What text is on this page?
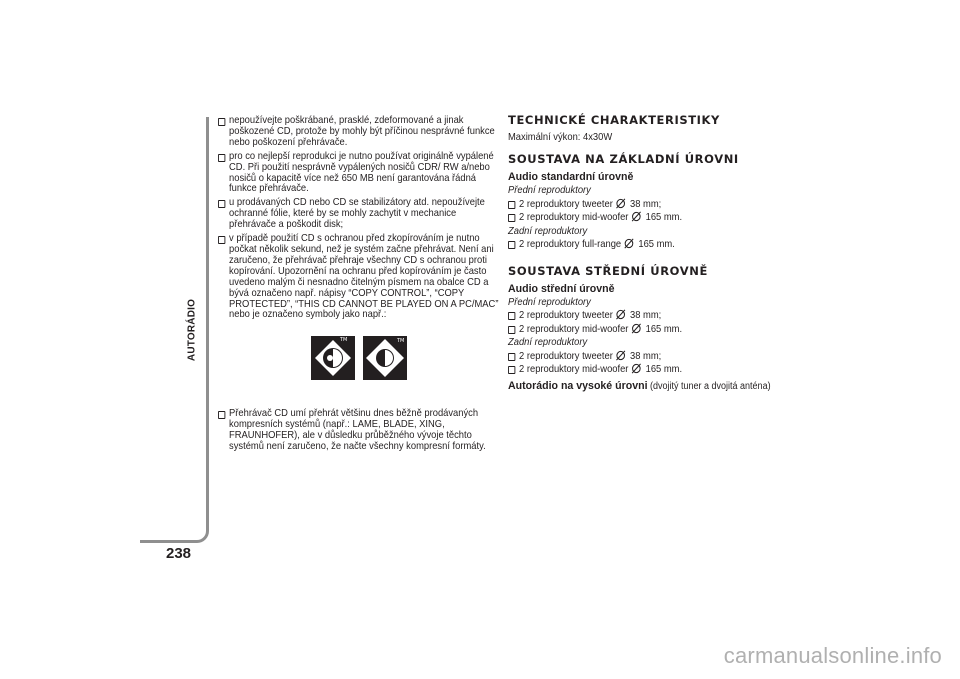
AUTORÁDIO
238
nepoužívejte poškrábané, prasklé, zdeformované a jinak poškozené CD, protože by mohly být příčinou nesprávné funkce nebo poškození přehrávače.
pro co nejlepší reprodukci je nutno používat originálně vypálené CD. Při použití nesprávně vypálených nosičů CDR/ RW a/nebo nosičů o kapacitě více než 650 MB není garantována řádná funkce přehrávače.
u prodávaných CD nebo CD se stabilizátory atd. nepoužívejte ochranné fólie, které by se mohly zachytit v mechanice přehrávače a poškodit disk;
v případě použití CD s ochranou před zkopírováním je nutno počkat několik sekund, než je systém začne přehrávat. Není ani zaručeno, že přehrávač přehraje všechny CD s ochranou proti kopírování. Upozornění na ochranu před kopírováním je často uvedeno malým či nesnadno čitelným písmem na obalce CD a bývá označeno např. nápisy “COPY CONTROL”, “COPY PROTECTED”, “THIS CD CANNOT BE PLAYED ON A PC/MAC” nebo je označeno symboly jako např.:
TM	TM
Přehrávač CD umí přehrát většinu dnes běžně prodávaných kompresních systémů (např.: LAME, BLADE, XING, FRAUNHOFER), ale v důsledku průběžného vývoje těchto systémů není zaručeno, že načte všechny kompresní formáty.
TECHNICKÉ CHARAKTERISTIKY
Maximální výkon: 4x30W
SOUSTAVA NA ZÁKLADNÍ ÚROVNI
Audio standardní úrovně
Přední reproduktory
2 reproduktory tweeter 38 mm;
2 reproduktory mid-woofer 165 mm.
Zadní reproduktory
2 reproduktory full-range 165 mm.
SOUSTAVA STŘEDNÍ ÚROVNĚ
Audio střední úrovně
Přední reproduktory
2 reproduktory tweeter 38 mm;
2 reproduktory mid-woofer 165 mm.
Zadní reproduktory
2 reproduktory tweeter 38 mm;
2 reproduktory mid-woofer 165 mm.
Autorádio na vysoké úrovni (dvojitý tuner a dvojitá anténa)
carmanualsonline.info
